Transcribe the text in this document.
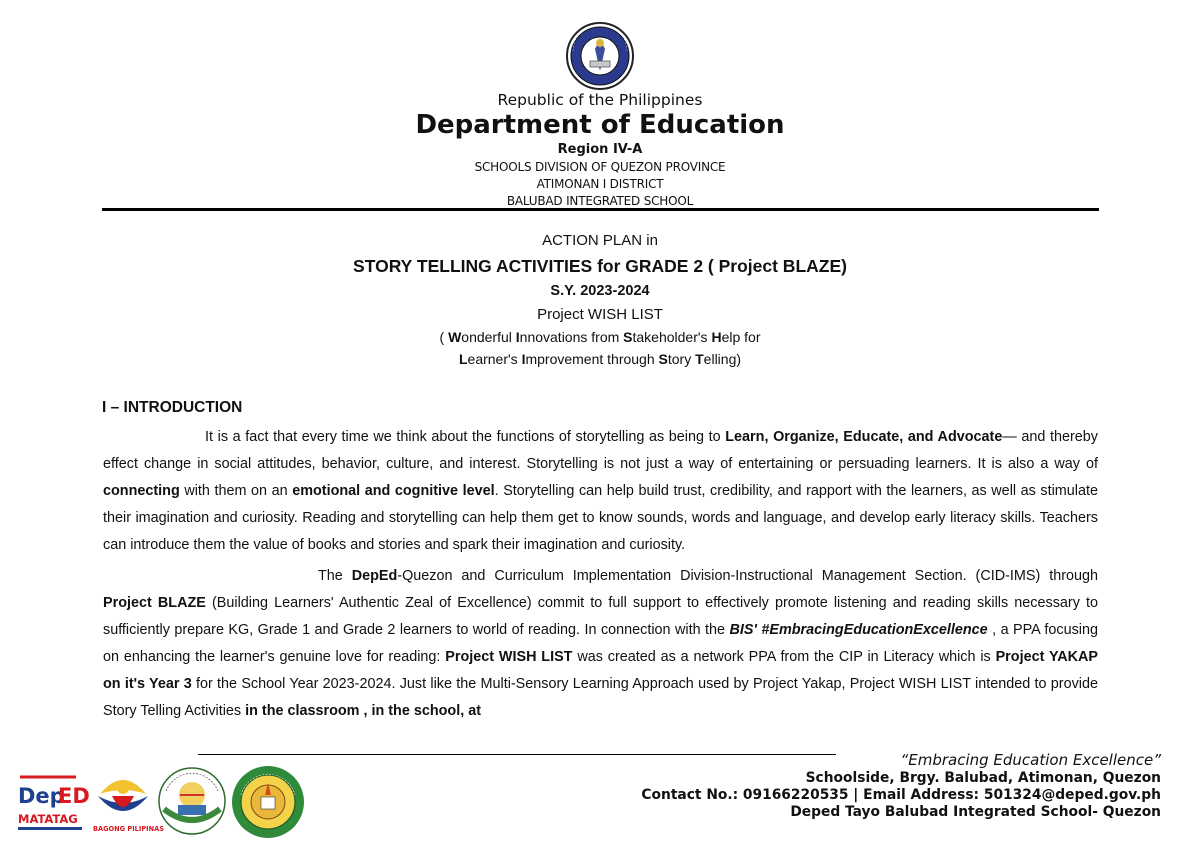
Republic of the Philippines
Department of Education
Region IV-A
SCHOOLS DIVISION OF QUEZON PROVINCE
ATIMONAN I DISTRICT
BALUBAD INTEGRATED SCHOOL
ACTION PLAN in
STORY TELLING ACTIVITIES for GRADE 2 ( Project BLAZE)
S.Y. 2023-2024
Project WISH LIST
( Wonderful Innovations from Stakeholder's Help for
Learner's Improvement through Story Telling)
I – INTRODUCTION

It is a fact that every time we think about the functions of storytelling as being to Learn, Organize, Educate, and Advocate— and thereby effect change in social attitudes, behavior, culture, and interest. Storytelling is not just a way of entertaining or persuading learners. It is also a way of connecting with them on an emotional and cognitive level. Storytelling can help build trust, credibility, and rapport with the learners, as well as stimulate their imagination and curiosity. Reading and storytelling can help them get to know sounds, words and language, and develop early literacy skills. Teachers can introduce them the value of books and stories and spark their imagination and curiosity.

The DepEd-Quezon and Curriculum Implementation Division-Instructional Management Section. (CID-IMS) through Project BLAZE (Building Learners' Authentic Zeal of Excellence) commit to full support to effectively promote listening and reading skills necessary to sufficiently prepare KG, Grade 1 and Grade 2 learners to world of reading. In connection with the BIS' #EmbracingEducationExcellence , a PPA focusing on enhancing the learner's genuine love for reading: Project WISH LIST was created as a network PPA from the CIP in Literacy which is Project YAKAP on it's Year 3 for the School Year 2023-2024. Just like the Multi-Sensory Learning Approach used by Project Yakap, Project WISH LIST intended to provide Story Telling Activities in the classroom , in the school, at

Dep
ED
MATATAG
BAGONG PILIPINAS
“Embracing Education Excellence”
Schoolside, Brgy. Balubad, Atimonan, Quezon
Contact No.: 09166220535 | Email Address: 501324@deped.gov.ph
Deped Tayo Balubad Integrated School- Quezon
